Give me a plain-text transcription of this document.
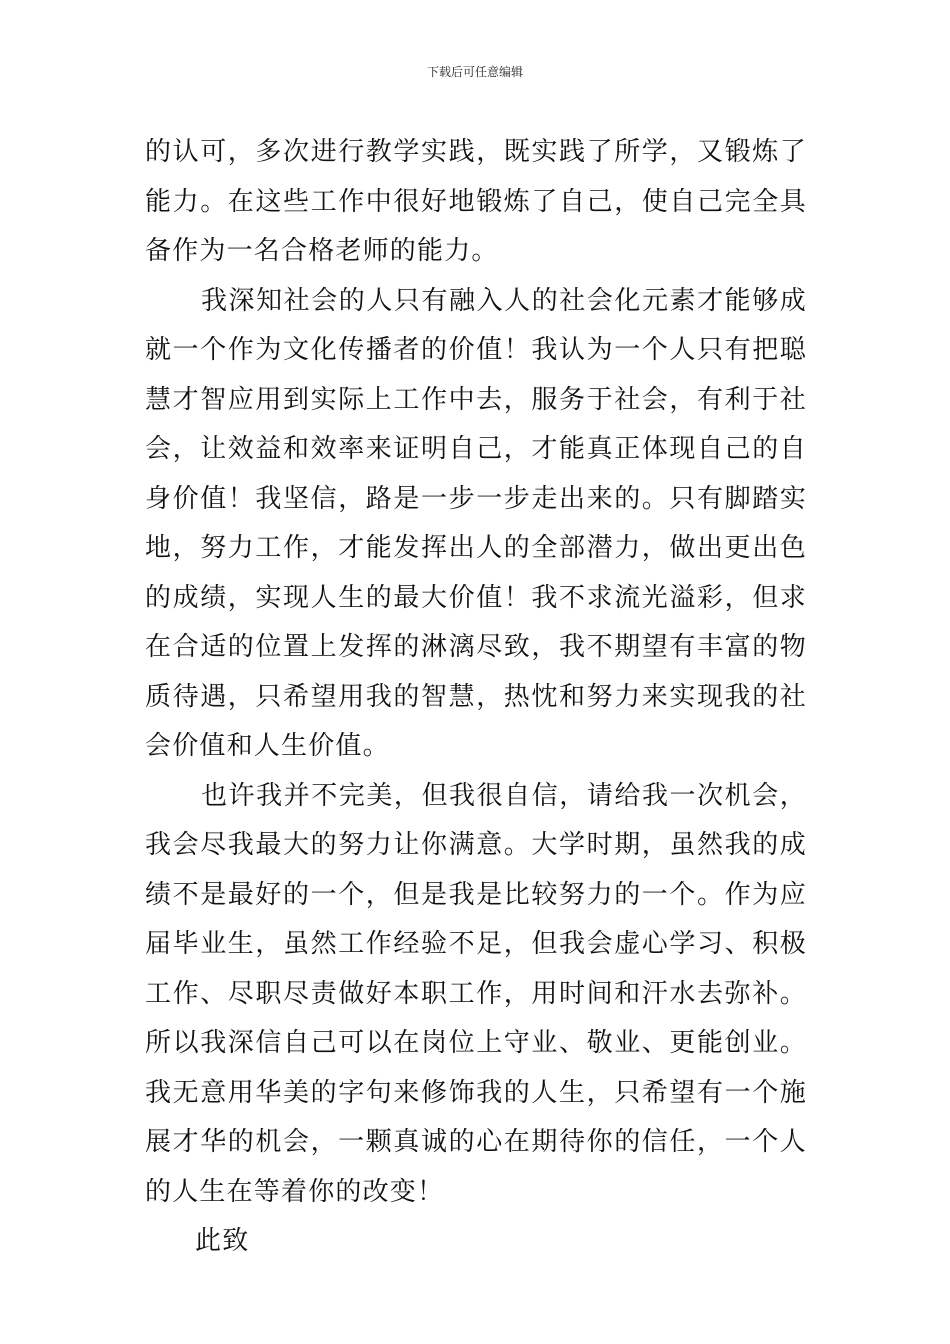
下载后可任意编辑

的认可，多次进行教学实践，既实践了所学，又锻炼了能力。在这些工作中很好地锻炼了自己，使自己完全具备作为一名合格老师的能力。

我深知社会的人只有融入人的社会化元素才能够成就一个作为文化传播者的价值！我认为一个人只有把聪慧才智应用到实际上工作中去，服务于社会，有利于社会，让效益和效率来证明自己，才能真正体现自己的自身价值！我坚信，路是一步一步走出来的。只有脚踏实地，努力工作，才能发挥出人的全部潜力，做出更出色的成绩，实现人生的最大价值！我不求流光溢彩，但求在合适的位置上发挥的淋漓尽致，我不期望有丰富的物质待遇，只希望用我的智慧，热忱和努力来实现我的社会价值和人生价值。

也许我并不完美，但我很自信，请给我一次机会，我会尽我最大的努力让你满意。大学时期，虽然我的成绩不是最好的一个，但是我是比较努力的一个。作为应届毕业生，虽然工作经验不足，但我会虚心学习、积极工作、尽职尽责做好本职工作，用时间和汗水去弥补。所以我深信自己可以在岗位上守业、敬业、更能创业。我无意用华美的字句来修饰我的人生，只希望有一个施展才华的机会，一颗真诚的心在期待你的信任，一个人的人生在等着你的改变！

此致
